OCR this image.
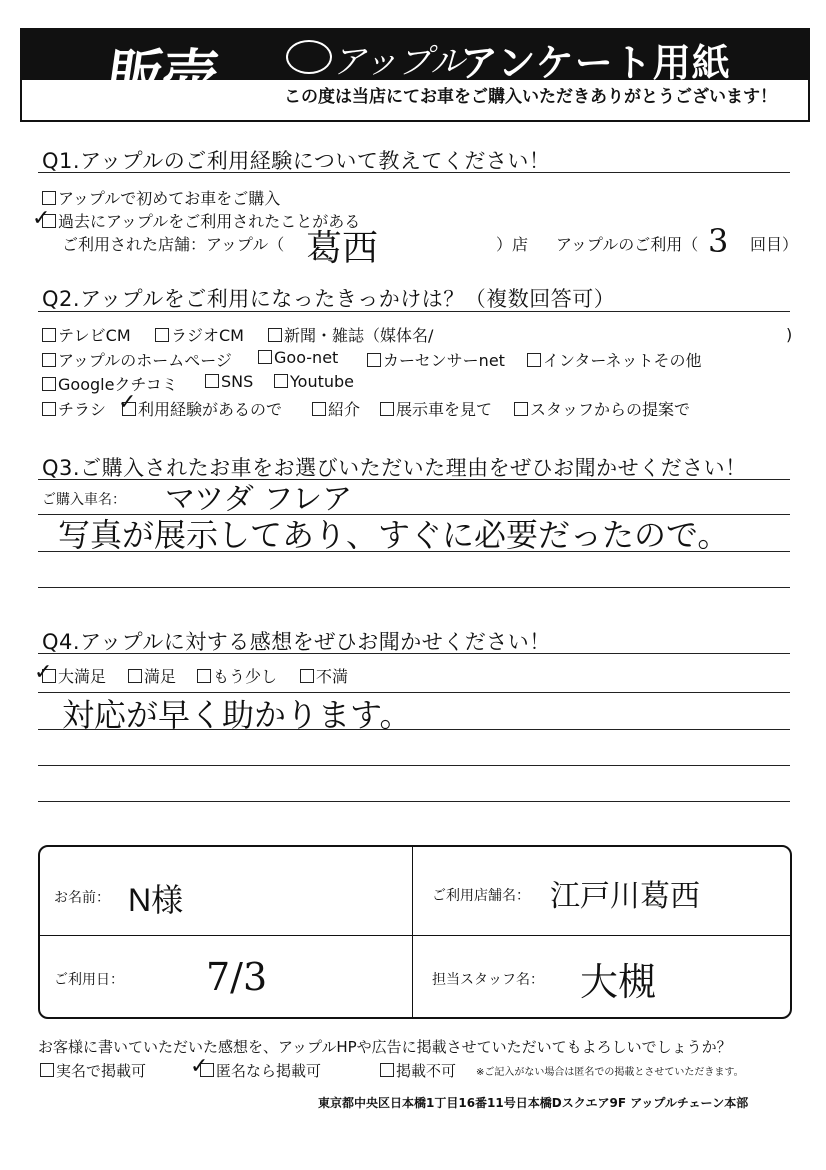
販売	アップル
アンケート用紙
この度は当店にてお車をご購入いただきありがとうございます！
Q1.アップルのご利用経験について教えてください！
アップルで初めてお車をご購入
過去にアップルをご利用されたことがある
✓
ご利用された店舗：アップル（ 葛西	）店 アップルのご利用（ 3 回目）
Q2.アップルをご利用になったきっかけは？（複数回答可）
テレビCM	ラジオCM	新聞・雑誌（媒体名/	)
アップルのホームページ	Goo-net	カーセンサーnet	インターネットその他
Googleクチコミ	SNS	Youtube
チラシ	利用経験があるので
✓	紹介	展示車を見て	スタッフからの提案で
Q3.ご購入されたお車をお選びいただいた理由をぜひお聞かせください！
ご購入車名： マツダ フレア
写真が展示してあり、すぐに必要だったので。
Q4.アップルに対する感想をぜひお聞かせください！
大満足
✓	満足	もう少し	不満
対応が早く助かります。
お名前： N様	ご利用店舗名： 江戸川葛西
ご利用日： 7/3	担当スタッフ名： 大槻
お客様に書いていただいた感想を、アップルHPや広告に掲載させていただいてもよろしいでしょうか？
実名で掲載可	匿名なら掲載可
✓	掲載不可 ※ご記入がない場合は匿名での掲載とさせていただきます。
東京都中央区日本橋1丁目16番11号日本橋Dスクエア9F アップルチェーン本部
